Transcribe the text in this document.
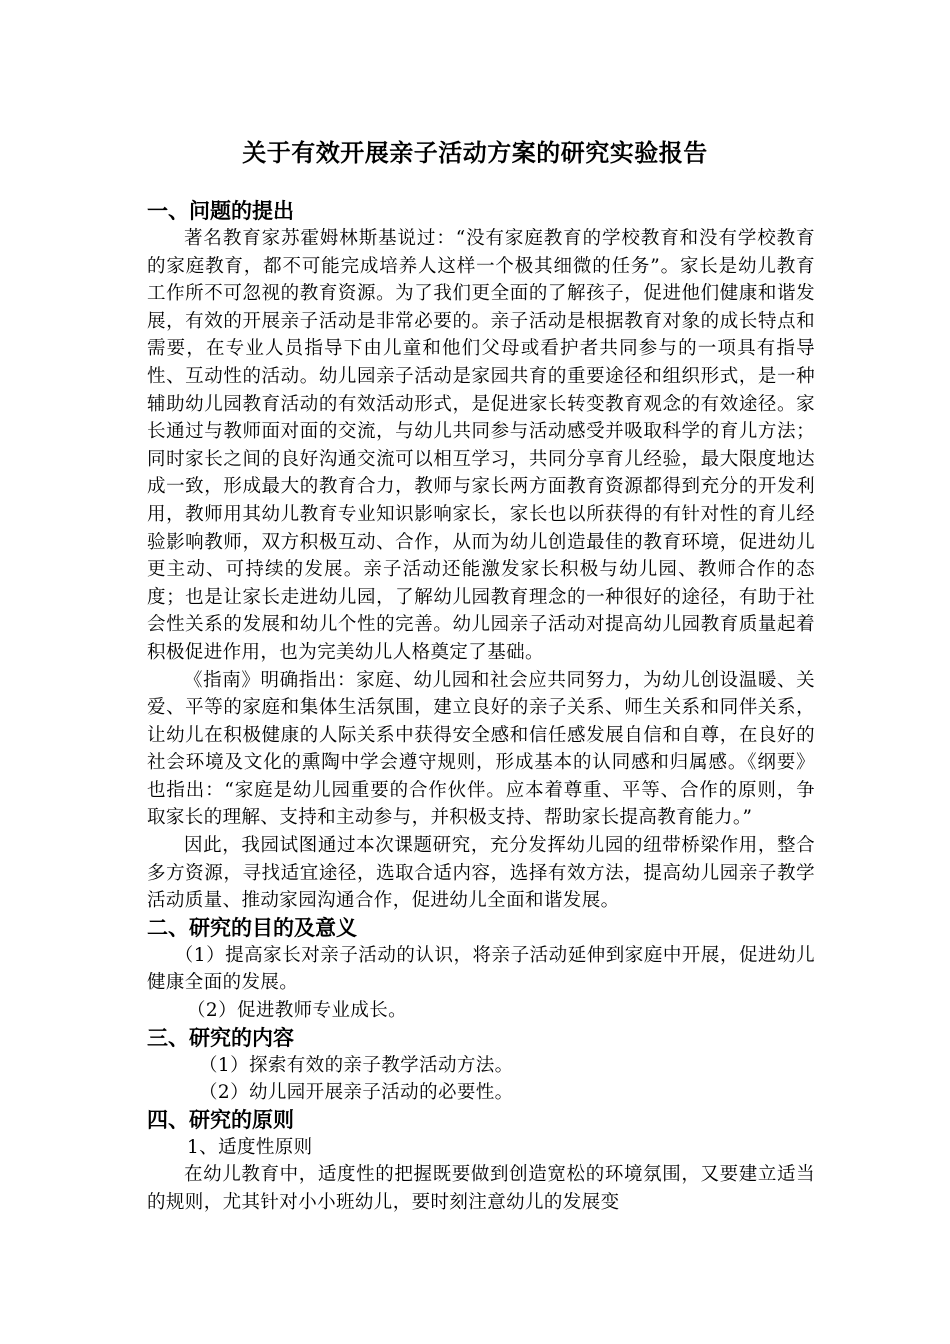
关于有效开展亲子活动方案的研究实验报告
一、问题的提出

著名教育家苏霍姆林斯基说过：“没有家庭教育的学校教育和没有学校教育的家庭教育，都不可能完成培养人这样一个极其细微的任务”。家长是幼儿教育工作所不可忽视的教育资源。为了我们更全面的了解孩子，促进他们健康和谐发展，有效的开展亲子活动是非常必要的。亲子活动是根据教育对象的成长特点和需要，在专业人员指导下由儿童和他们父母或看护者共同参与的一项具有指导性、互动性的活动。幼儿园亲子活动是家园共育的重要途径和组织形式，是一种辅助幼儿园教育活动的有效活动形式，是促进家长转变教育观念的有效途径。家长通过与教师面对面的交流，与幼儿共同参与活动感受并吸取科学的育儿方法；同时家长之间的良好沟通交流可以相互学习，共同分享育儿经验，最大限度地达成一致，形成最大的教育合力，教师与家长两方面教育资源都得到充分的开发利用，教师用其幼儿教育专业知识影响家长，家长也以所获得的有针对性的育儿经验影响教师，双方积极互动、合作，从而为幼儿创造最佳的教育环境，促进幼儿更主动、可持续的发展。亲子活动还能激发家长积极与幼儿园、教师合作的态度；也是让家长走进幼儿园，了解幼儿园教育理念的一种很好的途径，有助于社会性关系的发展和幼儿个性的完善。幼儿园亲子活动对提高幼儿园教育质量起着积极促进作用，也为完美幼儿人格奠定了基础。

《指南》明确指出：家庭、幼儿园和社会应共同努力，为幼儿创设温暖、关爱、平等的家庭和集体生活氛围，建立良好的亲子关系、师生关系和同伴关系，让幼儿在积极健康的人际关系中获得安全感和信任感发展自信和自尊，在良好的社会环境及文化的熏陶中学会遵守规则，形成基本的认同感和归属感。《纲要》也指出：“家庭是幼儿园重要的合作伙伴。应本着尊重、平等、合作的原则，争取家长的理解、支持和主动参与，并积极支持、帮助家长提高教育能力。”

因此，我园试图通过本次课题研究，充分发挥幼儿园的纽带桥梁作用，整合多方资源，寻找适宜途径，选取合适内容，选择有效方法，提高幼儿园亲子教学活动质量、推动家园沟通合作，促进幼儿全面和谐发展。

二、研究的目的及意义

（1）提高家长对亲子活动的认识，将亲子活动延伸到家庭中开展，促进幼儿健康全面的发展。

（2）促进教师专业成长。

三、研究的内容

（1）探索有效的亲子教学活动方法。

（2）幼儿园开展亲子活动的必要性。

四、研究的原则

1、适度性原则

在幼儿教育中，适度性的把握既要做到创造宽松的环境氛围，又要建立适当的规则，尤其针对小小班幼儿，要时刻注意幼儿的发展变
